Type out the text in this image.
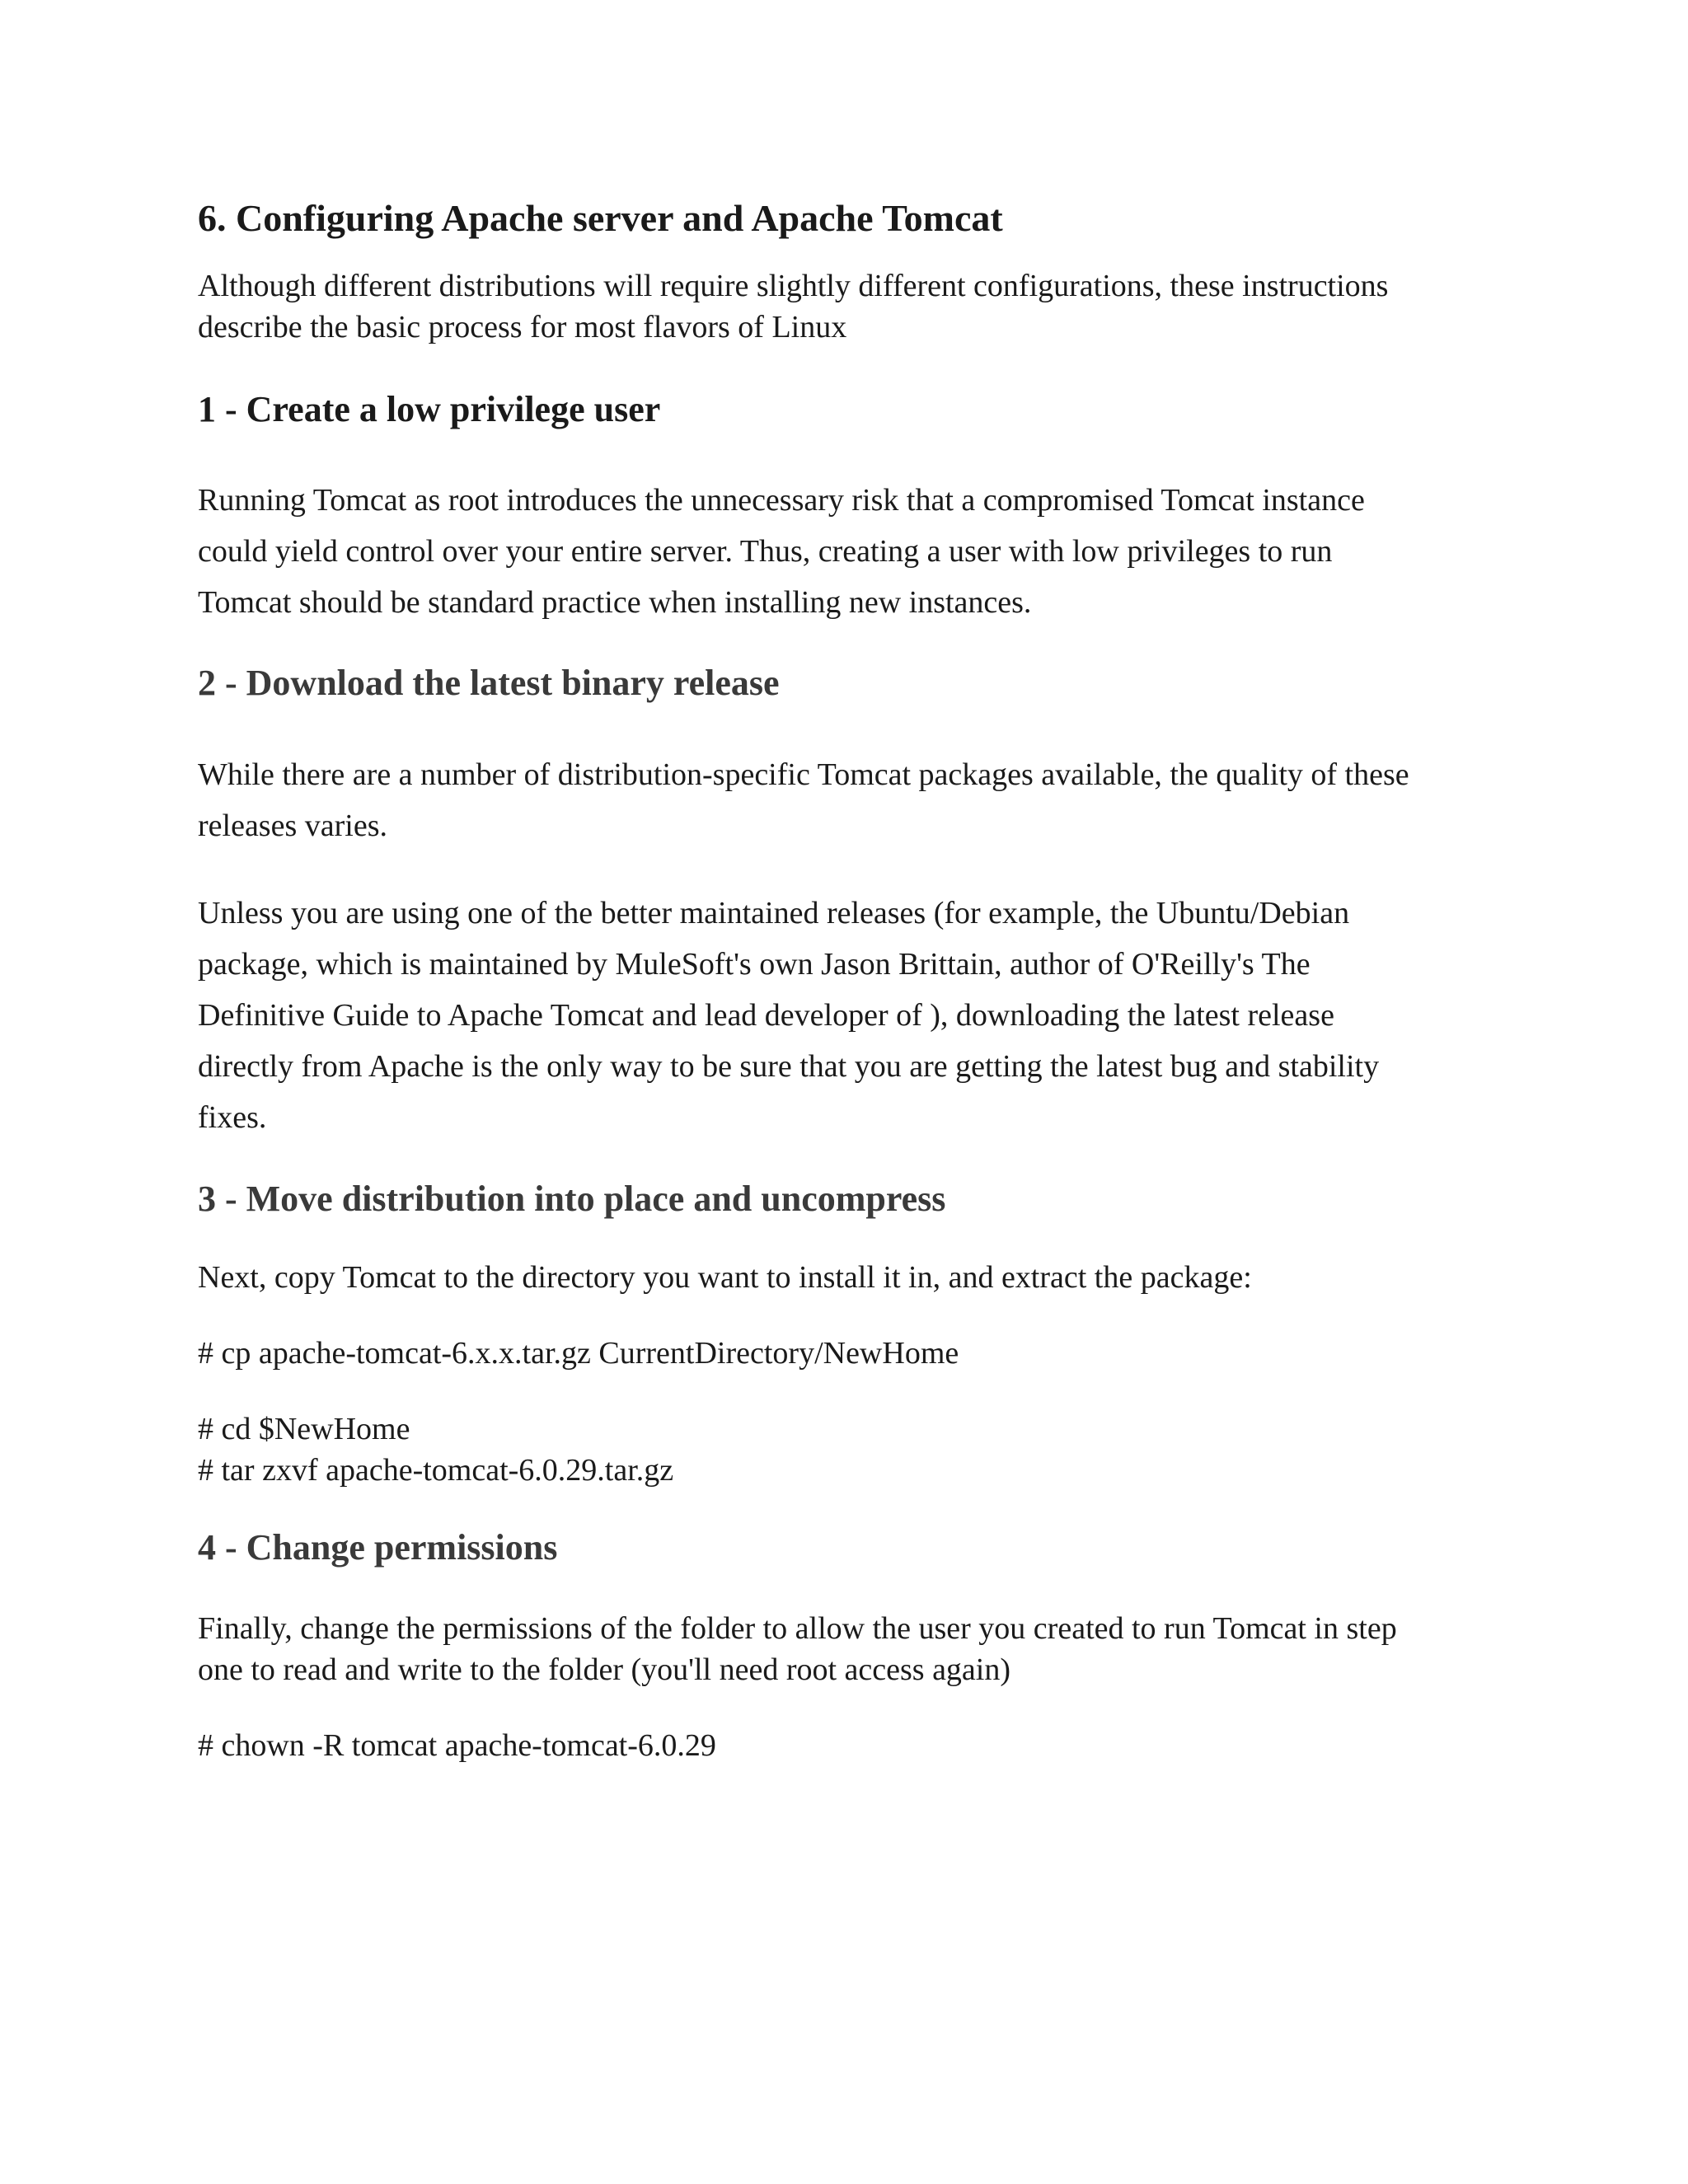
6. Configuring Apache server and Apache Tomcat
Although different distributions will require slightly different configurations, these instructions
describe the basic process for most flavors of Linux
1 - Create a low privilege user
Running Tomcat as root introduces the unnecessary risk that a compromised Tomcat instance
could yield control over your entire server. Thus, creating a user with low privileges to run
Tomcat should be standard practice when installing new instances.
2 - Download the latest binary release
While there are a number of distribution-specific Tomcat packages available, the quality of these
releases varies.
Unless you are using one of the better maintained releases (for example, the Ubuntu/Debian
package, which is maintained by MuleSoft's own Jason Brittain, author of O'Reilly's The
Definitive Guide to Apache Tomcat and lead developer of ), downloading the latest release
directly from Apache is the only way to be sure that you are getting the latest bug and stability
fixes.
3 - Move distribution into place and uncompress
Next, copy Tomcat to the directory you want to install it in, and extract the package:
# cp apache-tomcat-6.x.x.tar.gz CurrentDirectory/NewHome
# cd $NewHome
# tar zxvf apache-tomcat-6.0.29.tar.gz
4 - Change permissions
Finally, change the permissions of the folder to allow the user you created to run Tomcat in step
one to read and write to the folder (you'll need root access again)
# chown -R tomcat apache-tomcat-6.0.29
